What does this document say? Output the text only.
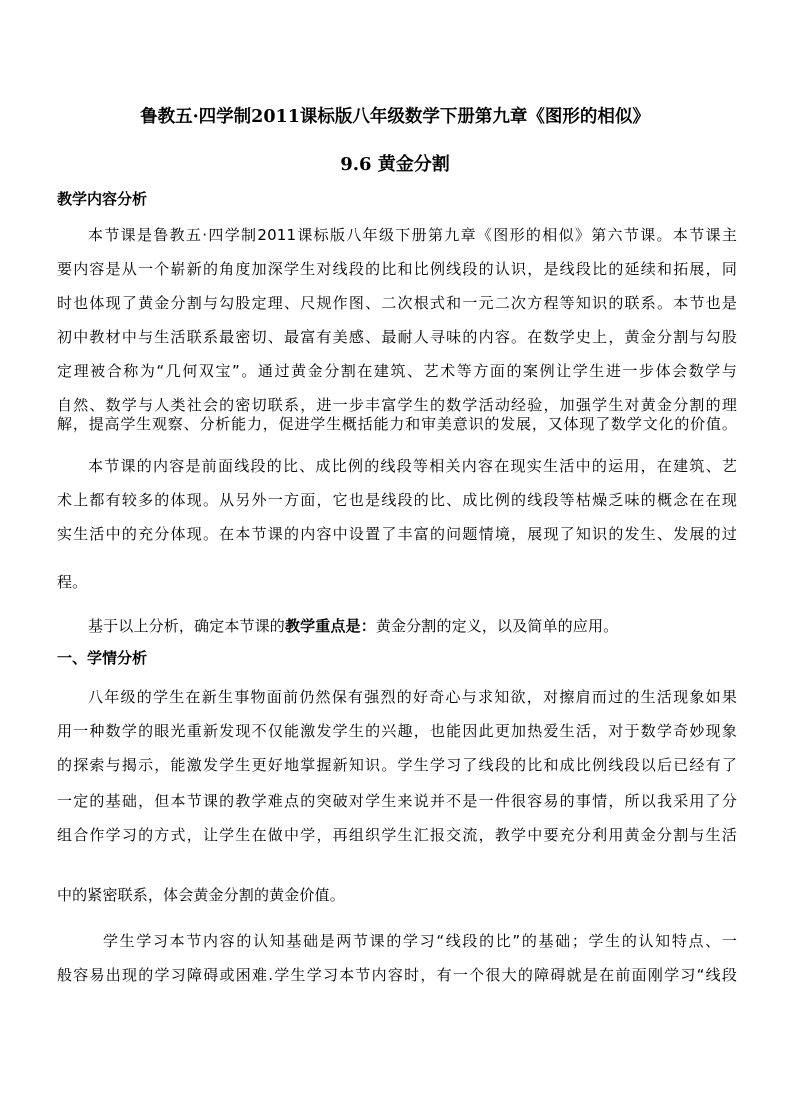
鲁教五·四学制2011课标版八年级数学下册第九章《图形的相似》
9.6 黄金分割
教学内容分析
本节课是鲁教五·四学制2011课标版八年级下册第九章《图形的相似》第六节课。本节课主
要内容是从一个崭新的角度加深学生对线段的比和比例线段的认识，是线段比的延续和拓展，同
时也体现了黄金分割与勾股定理、尺规作图、二次根式和一元二次方程等知识的联系。本节也是
初中教材中与生活联系最密切、最富有美感、最耐人寻味的内容。在数学史上，黄金分割与勾股
定理被合称为“几何双宝”。通过黄金分割在建筑、艺术等方面的案例让学生进一步体会数学与
自然、数学与人类社会的密切联系，进一步丰富学生的数学活动经验，加强学生对黄金分割的理
解，提高学生观察、分析能力，促进学生概括能力和审美意识的发展，又体现了数学文化的价值。
本节课的内容是前面线段的比、成比例的线段等相关内容在现实生活中的运用，在建筑、艺
术上都有较多的体现。从另外一方面，它也是线段的比、成比例的线段等枯燥乏味的概念在在现
实生活中的充分体现。在本节课的内容中设置了丰富的问题情境，展现了知识的发生、发展的过
程。
基于以上分析，确定本节课的教学重点是：黄金分割的定义，以及简单的应用。
一、学情分析
八年级的学生在新生事物面前仍然保有强烈的好奇心与求知欲，对擦肩而过的生活现象如果
用一种数学的眼光重新发现不仅能激发学生的兴趣，也能因此更加热爱生活，对于数学奇妙现象
的探索与揭示，能激发学生更好地掌握新知识。学生学习了线段的比和成比例线段以后已经有了
一定的基础，但本节课的教学难点的突破对学生来说并不是一件很容易的事情，所以我采用了分
组合作学习的方式，让学生在做中学，再组织学生汇报交流，教学中要充分利用黄金分割与生活
中的紧密联系，体会黄金分割的黄金价值。
学生学习本节内容的认知基础是两节课的学习“线段的比”的基础；学生的认知特点、一
般容易出现的学习障碍或困难.学生学习本节内容时，有一个很大的障碍就是在前面刚学习“线段
